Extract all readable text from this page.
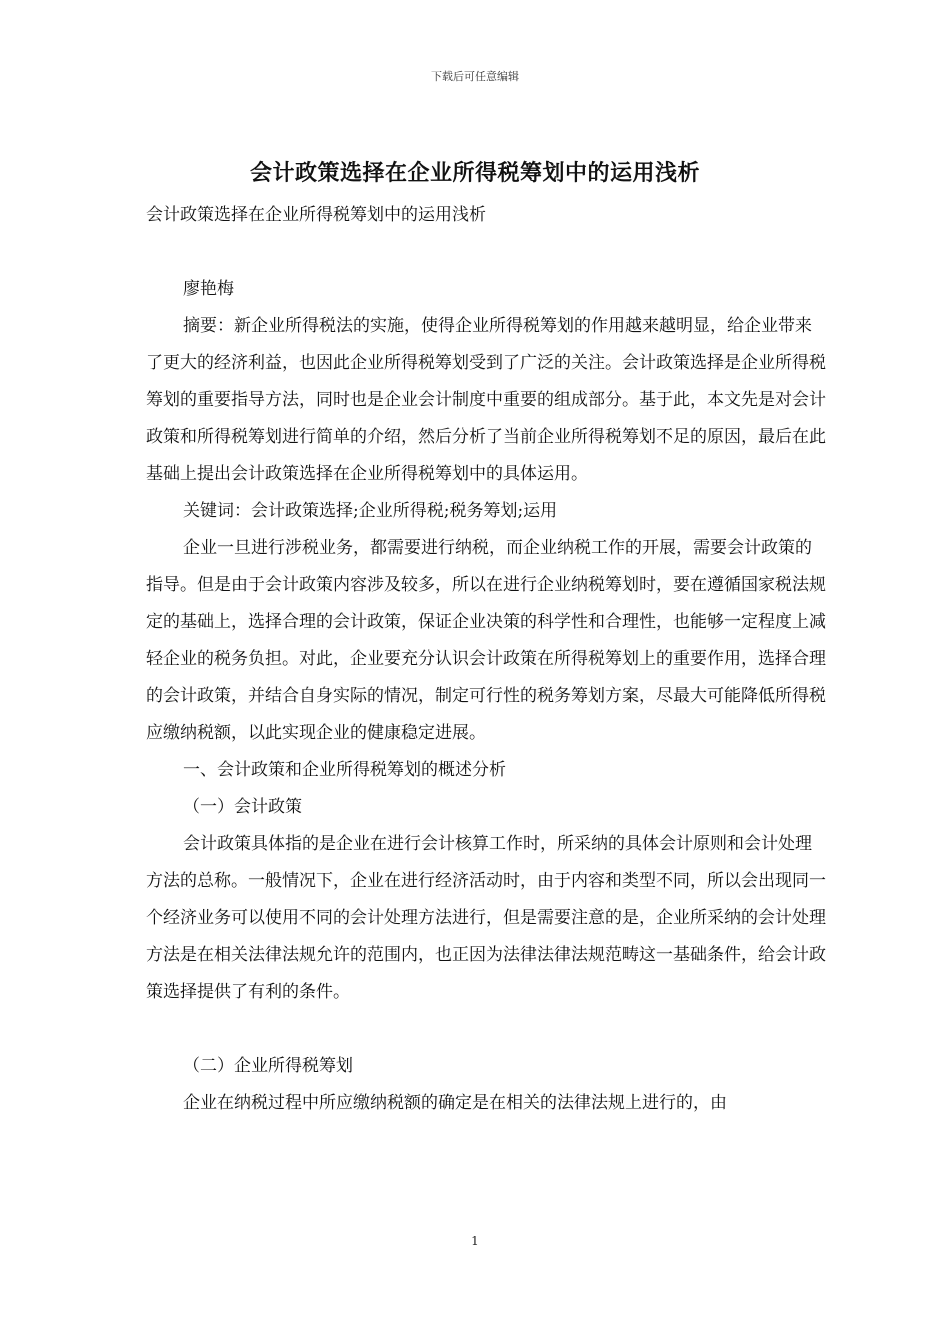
下载后可任意编辑
会计政策选择在企业所得税筹划中的运用浅析

会计政策选择在企业所得税筹划中的运用浅析

廖艳梅

摘要：新企业所得税法的实施，使得企业所得税筹划的作用越来越明显，给企业带来了更大的经济利益，也因此企业所得税筹划受到了广泛的关注。会计政策选择是企业所得税筹划的重要指导方法，同时也是企业会计制度中重要的组成部分。基于此，本文先是对会计政策和所得税筹划进行简单的介绍，然后分析了当前企业所得税筹划不足的原因，最后在此基础上提出会计政策选择在企业所得税筹划中的具体运用。

关键词：会计政策选择;企业所得税;税务筹划;运用

企业一旦进行涉税业务，都需要进行纳税，而企业纳税工作的开展，需要会计政策的指导。但是由于会计政策内容涉及较多，所以在进行企业纳税筹划时，要在遵循国家税法规定的基础上，选择合理的会计政策，保证企业决策的科学性和合理性，也能够一定程度上减轻企业的税务负担。对此，企业要充分认识会计政策在所得税筹划上的重要作用，选择合理的会计政策，并结合自身实际的情况，制定可行性的税务筹划方案，尽最大可能降低所得税应缴纳税额，以此实现企业的健康稳定进展。

一、会计政策和企业所得税筹划的概述分析

（一）会计政策

会计政策具体指的是企业在进行会计核算工作时，所采纳的具体会计原则和会计处理方法的总称。一般情况下，企业在进行经济活动时，由于内容和类型不同，所以会出现同一个经济业务可以使用不同的会计处理方法进行，但是需要注意的是，企业所采纳的会计处理方法是在相关法律法规允许的范围内，也正因为法律法律法规范畴这一基础条件，给会计政策选择提供了有利的条件。

（二）企业所得税筹划

企业在纳税过程中所应缴纳税额的确定是在相关的法律法规上进行的，由

1
